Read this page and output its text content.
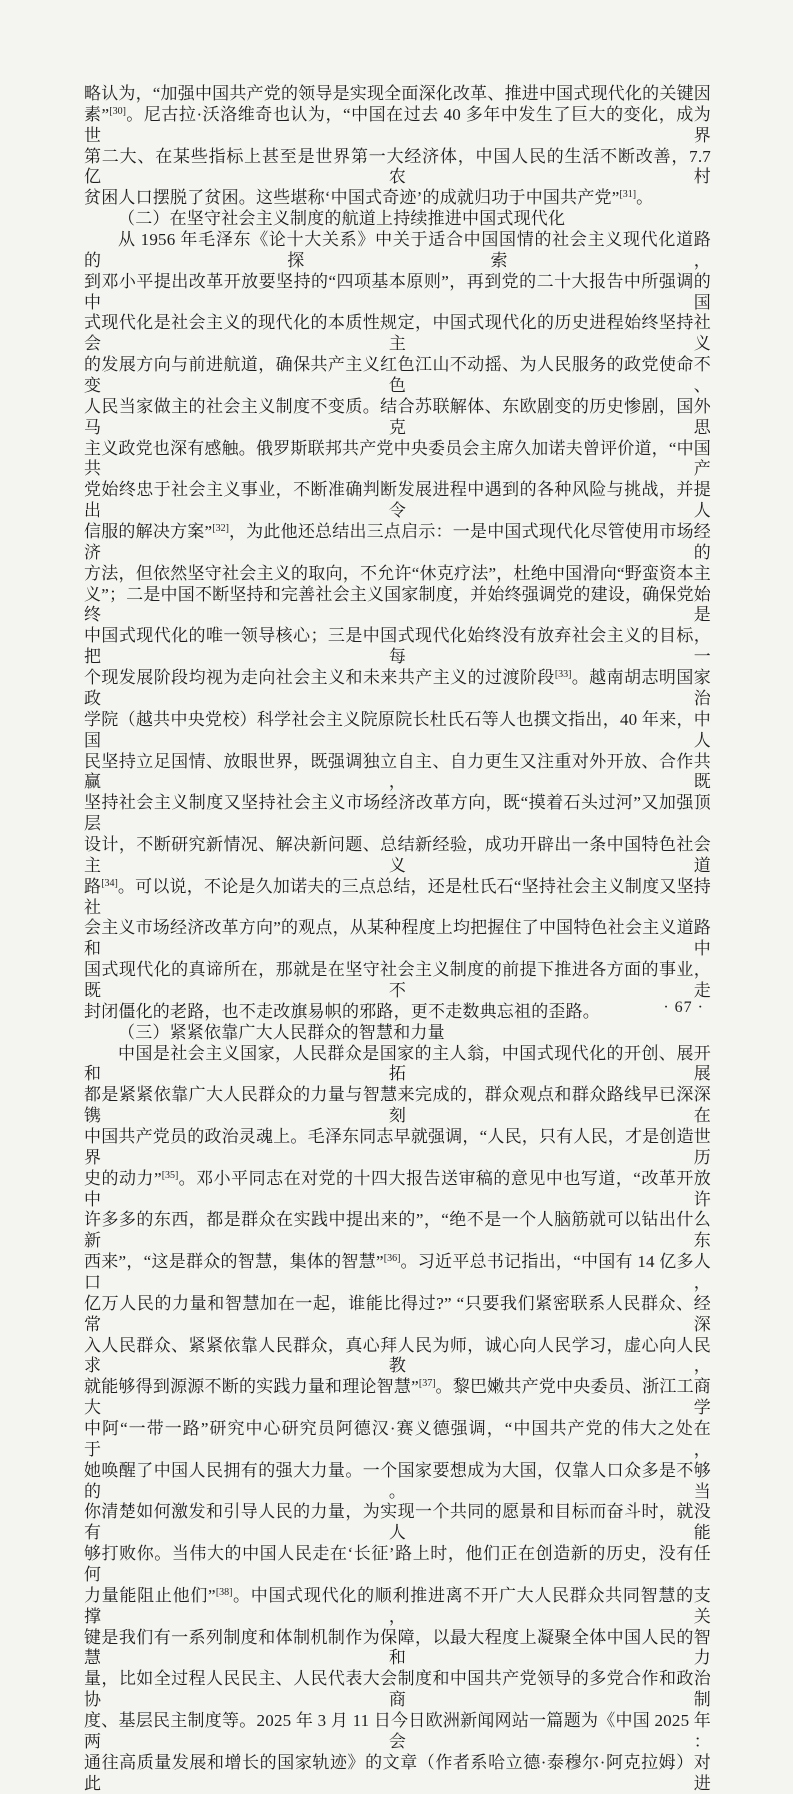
略认为，“加强中国共产党的领导是实现全面深化改革、推进中国式现代化的关键因
素”[30]。尼古拉·沃洛维奇也认为，“中国在过去 40 多年中发生了巨大的变化，成为世界
第二大、在某些指标上甚至是世界第一大经济体，中国人民的生活不断改善，7.7 亿农村
贫困人口摆脱了贫困。这些堪称‘中国式奇迹’的成就归功于中国共产党”[31]。
（二）在坚守社会主义制度的航道上持续推进中国式现代化
从 1956 年毛泽东《论十大关系》中关于适合中国国情的社会主义现代化道路的探索，
到邓小平提出改革开放要坚持的“四项基本原则”，再到党的二十大报告中所强调的中国
式现代化是社会主义的现代化的本质性规定，中国式现代化的历史进程始终坚持社会主义
的发展方向与前进航道，确保共产主义红色江山不动摇、为人民服务的政党使命不变色、
人民当家做主的社会主义制度不变质。结合苏联解体、东欧剧变的历史惨剧，国外马克思
主义政党也深有感触。俄罗斯联邦共产党中央委员会主席久加诺夫曾评价道，“中国共产
党始终忠于社会主义事业，不断准确判断发展进程中遇到的各种风险与挑战，并提出令人
信服的解决方案”[32]，为此他还总结出三点启示：一是中国式现代化尽管使用市场经济的
方法，但依然坚守社会主义的取向，不允许“休克疗法”，杜绝中国滑向“野蛮资本主
义”；二是中国不断坚持和完善社会主义国家制度，并始终强调党的建设，确保党始终是
中国式现代化的唯一领导核心；三是中国式现代化始终没有放弃社会主义的目标，把每一
个现发展阶段均视为走向社会主义和未来共产主义的过渡阶段[33]。越南胡志明国家政治
学院（越共中央党校）科学社会主义院原院长杜氏石等人也撰文指出，40 年来，中国人
民坚持立足国情、放眼世界，既强调独立自主、自力更生又注重对外开放、合作共赢，既
坚持社会主义制度又坚持社会主义市场经济改革方向，既“摸着石头过河”又加强顶层
设计，不断研究新情况、解决新问题、总结新经验，成功开辟出一条中国特色社会主义道
路[34]。可以说，不论是久加诺夫的三点总结，还是杜氏石“坚持社会主义制度又坚持社
会主义市场经济改革方向”的观点，从某种程度上均把握住了中国特色社会主义道路和中
国式现代化的真谛所在，那就是在坚守社会主义制度的前提下推进各方面的事业，既不走
封闭僵化的老路，也不走改旗易帜的邪路，更不走数典忘祖的歪路。
（三）紧紧依靠广大人民群众的智慧和力量
中国是社会主义国家，人民群众是国家的主人翁，中国式现代化的开创、展开和拓展
都是紧紧依靠广大人民群众的力量与智慧来完成的，群众观点和群众路线早已深深镌刻在
中国共产党员的政治灵魂上。毛泽东同志早就强调，“人民，只有人民，才是创造世界历
史的动力”[35]。邓小平同志在对党的十四大报告送审稿的意见中也写道，“改革开放中许
许多多的东西，都是群众在实践中提出来的”，“绝不是一个人脑筋就可以钻出什么新东
西来”，“这是群众的智慧，集体的智慧”[36]。习近平总书记指出，“中国有 14 亿多人口，
亿万人民的力量和智慧加在一起，谁能比得过?” “只要我们紧密联系人民群众、经常深
入人民群众、紧紧依靠人民群众，真心拜人民为师，诚心向人民学习，虚心向人民求教，
就能够得到源源不断的实践力量和理论智慧”[37]。黎巴嫩共产党中央委员、浙江工商大学
中阿“一带一路”研究中心研究员阿德汉·赛义德强调，“中国共产党的伟大之处在于，
她唤醒了中国人民拥有的强大力量。一个国家要想成为大国，仅靠人口众多是不够的。当
你清楚如何激发和引导人民的力量，为实现一个共同的愿景和目标而奋斗时，就没有人能
够打败你。当伟大的中国人民走在‘长征’路上时，他们正在创造新的历史，没有任何
力量能阻止他们”[38]。中国式现代化的顺利推进离不开广大人民群众共同智慧的支撑，关
键是我们有一系列制度和体制机制作为保障，以最大程度上凝聚全体中国人民的智慧和力
量，比如全过程人民民主、人民代表大会制度和中国共产党领导的多党合作和政治协商制
度、基层民主制度等。2025 年 3 月 11 日今日欧洲新闻网站一篇题为《中国 2025 年两会：
通往高质量发展和增长的国家轨迹》的文章（作者系哈立德·泰穆尔·阿克拉姆）对此进
· 67 ·
